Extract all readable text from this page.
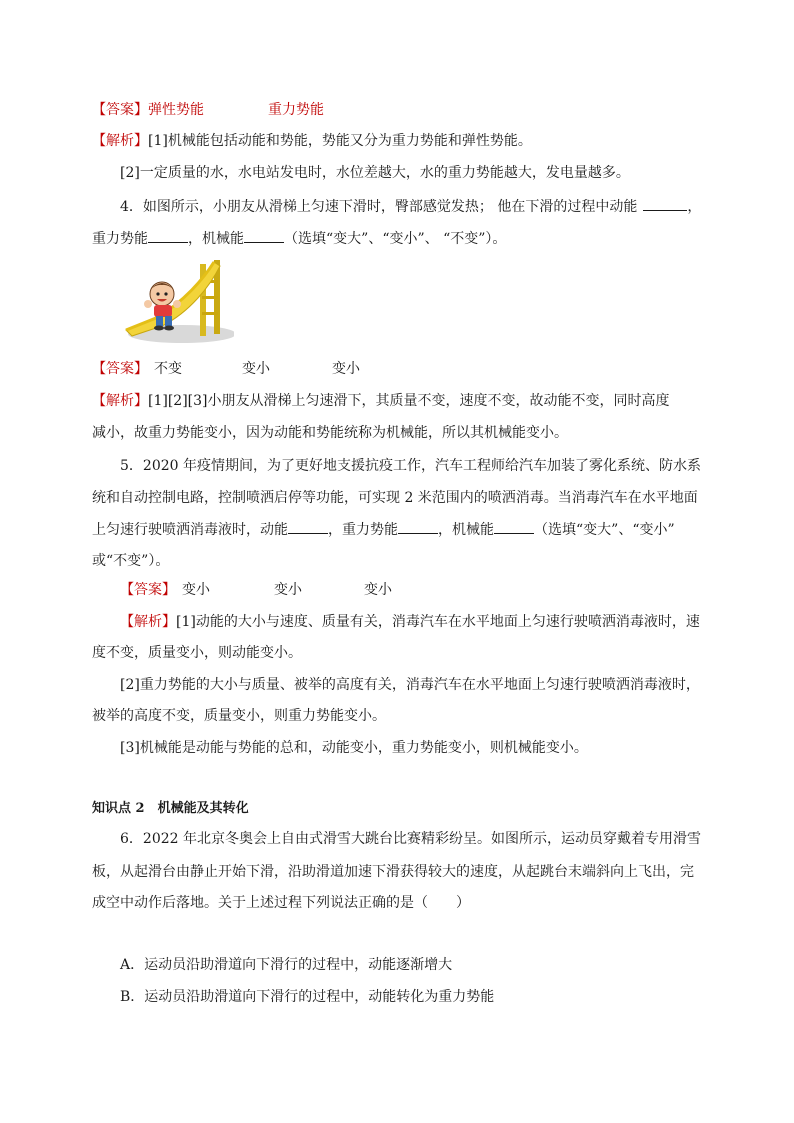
【答案】弹性势能	重力势能
【解析】[1]机械能包括动能和势能，势能又分为重力势能和弹性势能。
[2]一定质量的水，水电站发电时，水位差越大，水的重力势能越大，发电量越多。
4．如图所示，小朋友从滑梯上匀速下滑时，臀部感觉发热； 他在下滑的过程中动能	，
重力势能	，机械能	（选填“变大”、“变小”、 “不变”）。
【答案】 不变	变小	变小
【解析】[1][2][3]小朋友从滑梯上匀速滑下，其质量不变，速度不变，故动能不变，同时高度
减小，故重力势能变小，因为动能和势能统称为机械能，所以其机械能变小。
5．2020 年疫情期间，为了更好地支援抗疫工作，汽车工程师给汽车加装了雾化系统、防水系
统和自动控制电路，控制喷洒启停等功能，可实现 2 米范围内的喷洒消毒。当消毒汽车在水平地面
上匀速行驶喷洒消毒液时，动能	，重力势能	，机械能	（选填“变大”、“变小”
或“不变”）。
【答案】 变小	变小	变小
【解析】[1]动能的大小与速度、质量有关，消毒汽车在水平地面上匀速行驶喷洒消毒液时，速
度不变，质量变小，则动能变小。
[2]重力势能的大小与质量、被举的高度有关，消毒汽车在水平地面上匀速行驶喷洒消毒液时，
被举的高度不变，质量变小，则重力势能变小。
[3]机械能是动能与势能的总和，动能变小，重力势能变小，则机械能变小。
知识点 2　机械能及其转化
6．2022 年北京冬奥会上自由式滑雪大跳台比赛精彩纷呈。如图所示，运动员穿戴着专用滑雪
板，从起滑台由静止开始下滑，沿助滑道加速下滑获得较大的速度，从起跳台末端斜向上飞出，完
成空中动作后落地。关于上述过程下列说法正确的是（　　）
A．运动员沿助滑道向下滑行的过程中，动能逐渐增大
B．运动员沿助滑道向下滑行的过程中，动能转化为重力势能
